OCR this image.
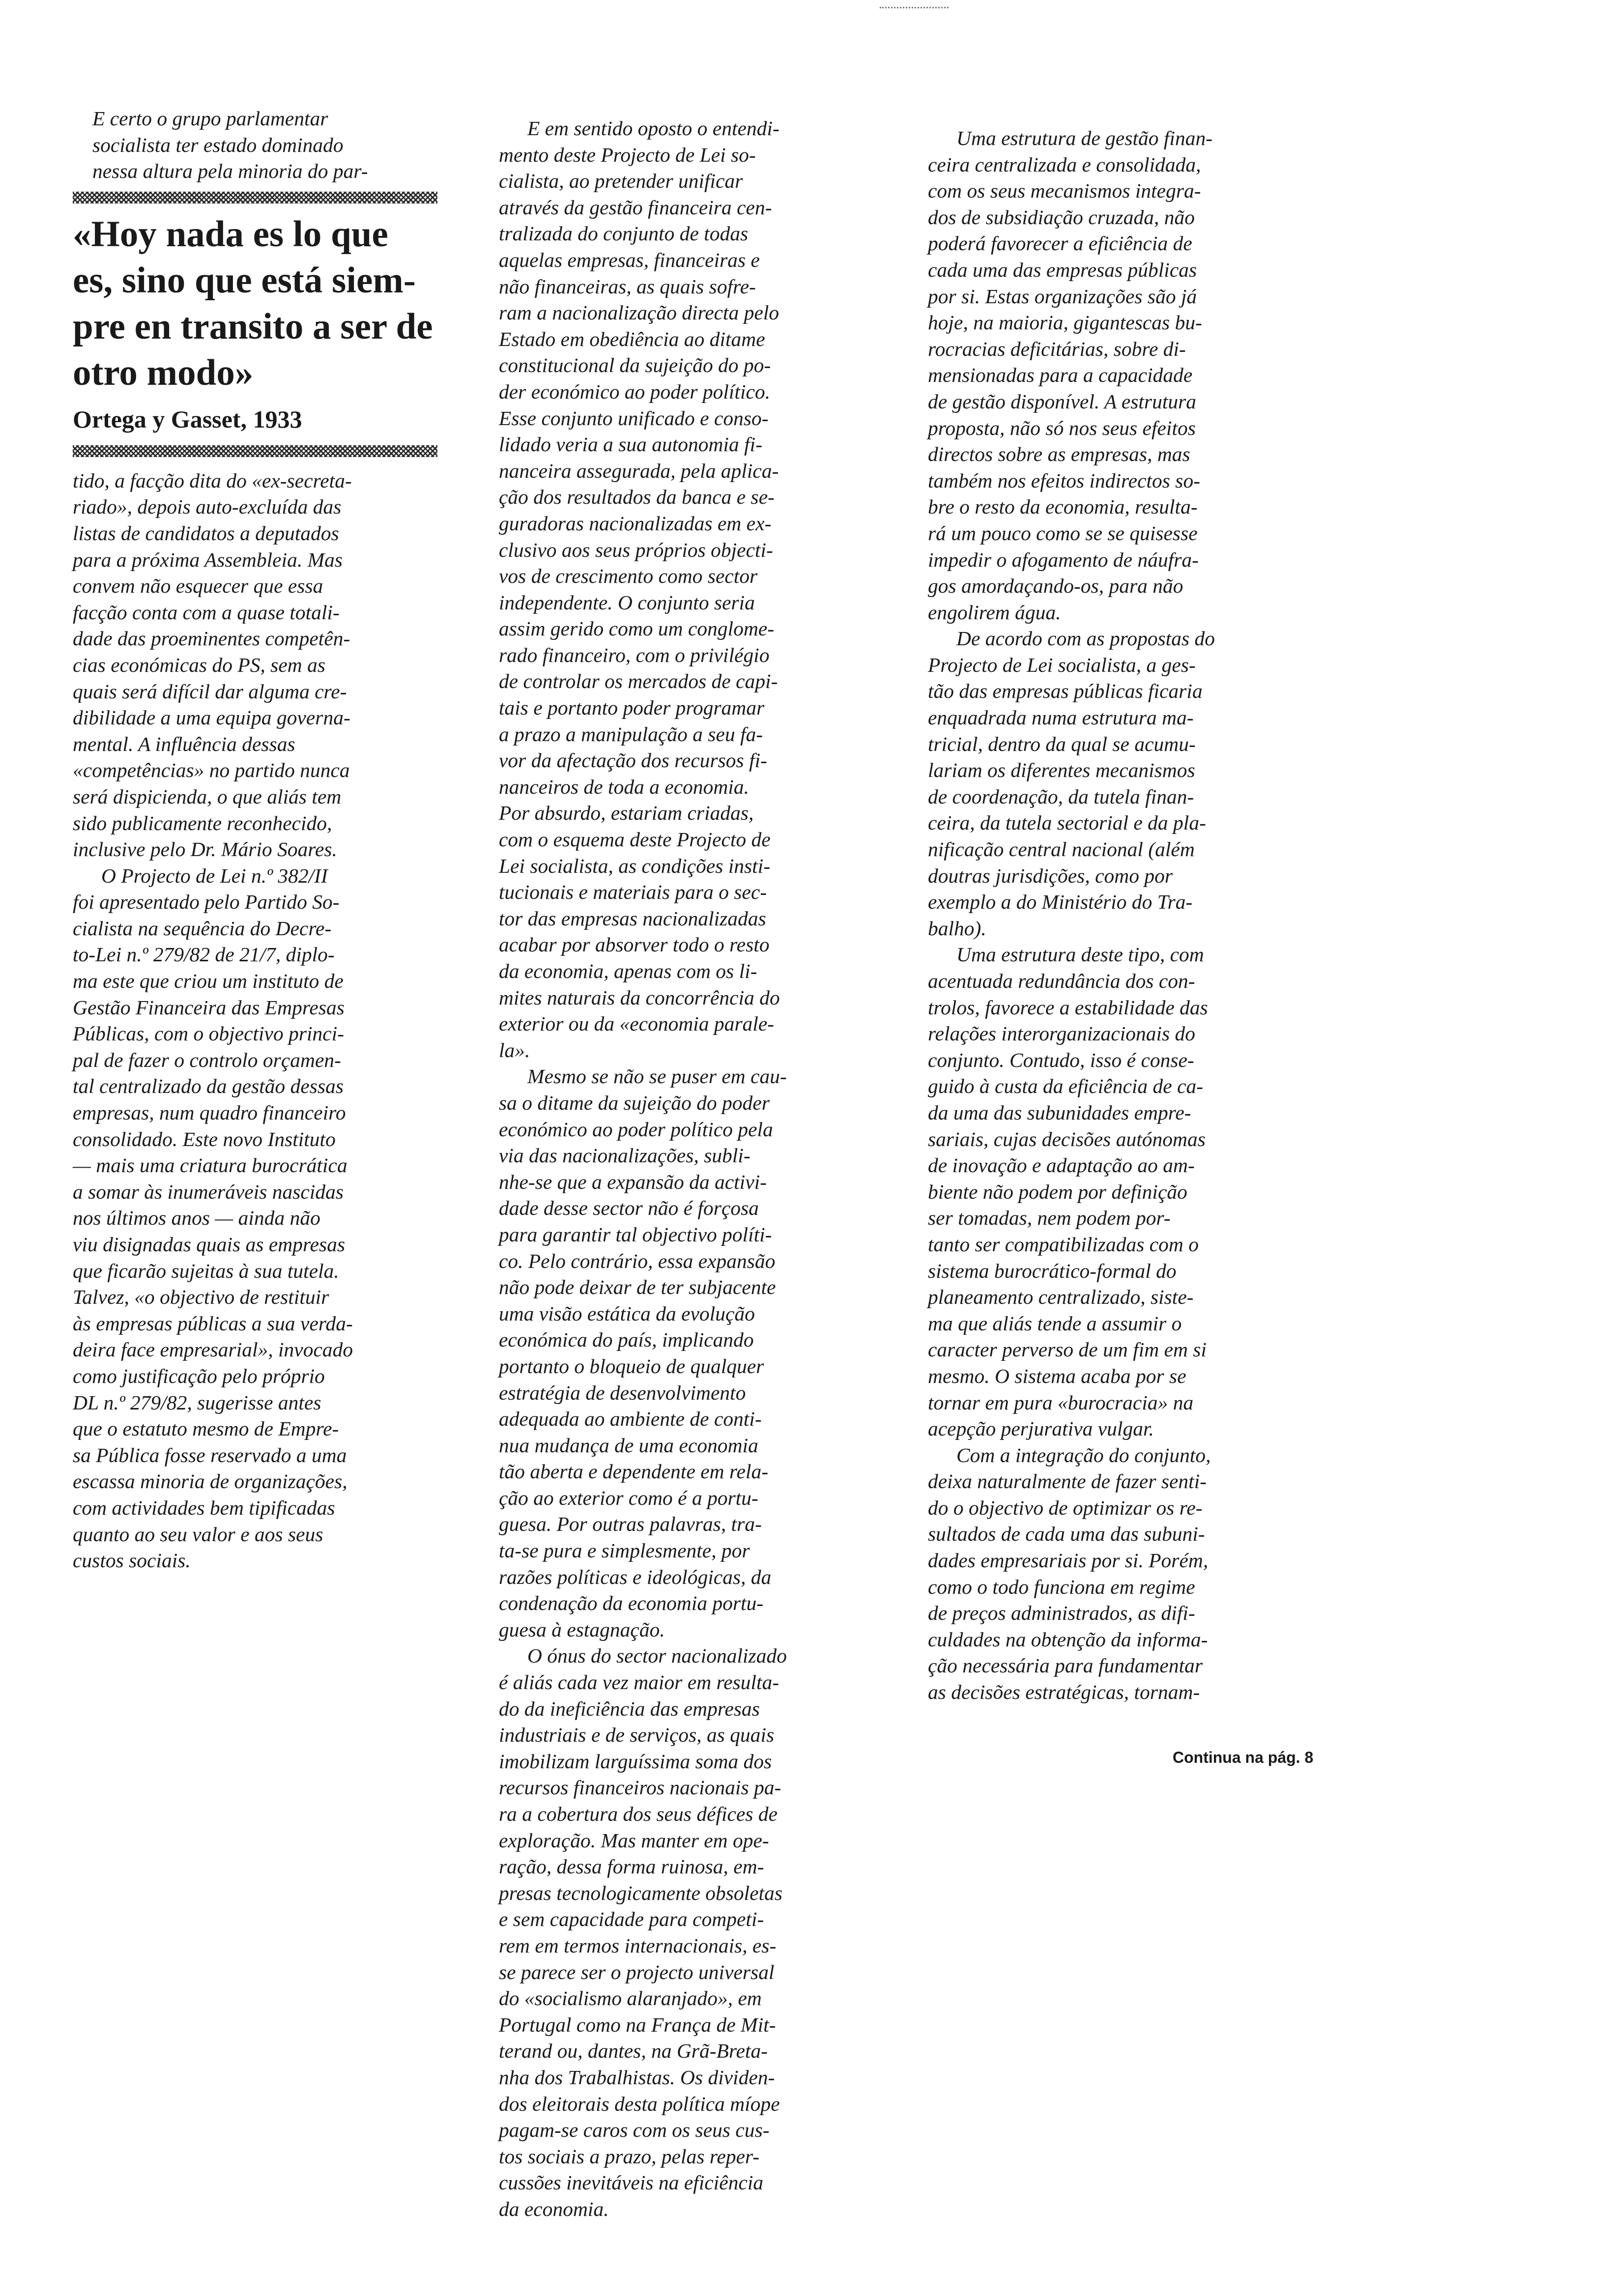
E certo o grupo parlamentar
socialista ter estado dominado
nessa altura pela minoria do par-

«Hoy nada es lo que
es, sino que está siem-
pre en transito a ser de
otro modo»

Ortega y Gasset, 1933

tido, a facção dita do «ex-secreta-
riado», depois auto-excluída das
listas de candidatos a deputados
para a próxima Assembleia. Mas
convem não esquecer que essa
facção conta com a quase totali-
dade das proeminentes competên-
cias económicas do PS, sem as
quais será difícil dar alguma cre-
dibilidade a uma equipa governa-
mental. A influência dessas
«competências» no partido nunca
será dispicienda, o que aliás tem
sido publicamente reconhecido,
inclusive pelo Dr. Mário Soares.

O Projecto de Lei n.º 382/II
foi apresentado pelo Partido So-
cialista na sequência do Decre-
to-Lei n.º 279/82 de 21/7, diplo-
ma este que criou um instituto de
Gestão Financeira das Empresas
Públicas, com o objectivo princi-
pal de fazer o controlo orçamen-
tal centralizado da gestão dessas
empresas, num quadro financeiro
consolidado. Este novo Instituto
— mais uma criatura burocrática
a somar às inumeráveis nascidas
nos últimos anos — ainda não
viu disignadas quais as empresas
que ficarão sujeitas à sua tutela.
Talvez, «o objectivo de restituir
às empresas públicas a sua verda-
deira face empresarial», invocado
como justificação pelo próprio
DL n.º 279/82, sugerisse antes
que o estatuto mesmo de Empre-
sa Pública fosse reservado a uma
escassa minoria de organizações,
com actividades bem tipificadas
quanto ao seu valor e aos seus
custos sociais.

E em sentido oposto o entendi-
mento deste Projecto de Lei so-
cialista, ao pretender unificar
através da gestão financeira cen-
tralizada do conjunto de todas
aquelas empresas, financeiras e
não financeiras, as quais sofre-
ram a nacionalização directa pelo
Estado em obediência ao ditame
constitucional da sujeição do po-
der económico ao poder político.
Esse conjunto unificado e conso-
lidado veria a sua autonomia fi-
nanceira assegurada, pela aplica-
ção dos resultados da banca e se-
guradoras nacionalizadas em ex-
clusivo aos seus próprios objecti-
vos de crescimento como sector
independente. O conjunto seria
assim gerido como um conglome-
rado financeiro, com o privilégio
de controlar os mercados de capi-
tais e portanto poder programar
a prazo a manipulação a seu fa-
vor da afectação dos recursos fi-
nanceiros de toda a economia.
Por absurdo, estariam criadas,
com o esquema deste Projecto de
Lei socialista, as condições insti-
tucionais e materiais para o sec-
tor das empresas nacionalizadas
acabar por absorver todo o resto
da economia, apenas com os li-
mites naturais da concorrência do
exterior ou da «economia parale-
la».

Mesmo se não se puser em cau-
sa o ditame da sujeição do poder
económico ao poder político pela
via das nacionalizações, subli-
nhe-se que a expansão da activi-
dade desse sector não é forçosa
para garantir tal objectivo políti-
co. Pelo contrário, essa expansão
não pode deixar de ter subjacente
uma visão estática da evolução
económica do país, implicando
portanto o bloqueio de qualquer
estratégia de desenvolvimento
adequada ao ambiente de conti-
nua mudança de uma economia
tão aberta e dependente em rela-
ção ao exterior como é a portu-
guesa. Por outras palavras, tra-
ta-se pura e simplesmente, por
razões políticas e ideológicas, da
condenação da economia portu-
guesa à estagnação.

O ónus do sector nacionalizado
é aliás cada vez maior em resulta-
do da ineficiência das empresas
industriais e de serviços, as quais
imobilizam larguíssima soma dos
recursos financeiros nacionais pa-
ra a cobertura dos seus défices de
exploração. Mas manter em ope-
ração, dessa forma ruinosa, em-
presas tecnologicamente obsoletas
e sem capacidade para competi-
rem em termos internacionais, es-
se parece ser o projecto universal
do «socialismo alaranjado», em
Portugal como na França de Mit-
terand ou, dantes, na Grã-Breta-
nha dos Trabalhistas. Os dividen-
dos eleitorais desta política míope
pagam-se caros com os seus cus-
tos sociais a prazo, pelas reper-
cussões inevitáveis na eficiência
da economia.

Uma estrutura de gestão finan-
ceira centralizada e consolidada,
com os seus mecanismos integra-
dos de subsidiação cruzada, não
poderá favorecer a eficiência de
cada uma das empresas públicas
por si. Estas organizações são já
hoje, na maioria, gigantescas bu-
rocracias deficitárias, sobre di-
mensionadas para a capacidade
de gestão disponível. A estrutura
proposta, não só nos seus efeitos
directos sobre as empresas, mas
também nos efeitos indirectos so-
bre o resto da economia, resulta-
rá um pouco como se se quisesse
impedir o afogamento de náufra-
gos amordaçando-os, para não
engolirem água.

De acordo com as propostas do
Projecto de Lei socialista, a ges-
tão das empresas públicas ficaria
enquadrada numa estrutura ma-
tricial, dentro da qual se acumu-
lariam os diferentes mecanismos
de coordenação, da tutela finan-
ceira, da tutela sectorial e da pla-
nificação central nacional (além
doutras jurisdições, como por
exemplo a do Ministério do Tra-
balho).

Uma estrutura deste tipo, com
acentuada redundância dos con-
trolos, favorece a estabilidade das
relações interorganizacionais do
conjunto. Contudo, isso é conse-
guido à custa da eficiência de ca-
da uma das subunidades empre-
sariais, cujas decisões autónomas
de inovação e adaptação ao am-
biente não podem por definição
ser tomadas, nem podem por-
tanto ser compatibilizadas com o
sistema burocrático-formal do
planeamento centralizado, siste-
ma que aliás tende a assumir o
caracter perverso de um fim em si
mesmo. O sistema acaba por se
tornar em pura «burocracia» na
acepção perjurativa vulgar.

Com a integração do conjunto,
deixa naturalmente de fazer senti-
do o objectivo de optimizar os re-
sultados de cada uma das subuni-
dades empresariais por si. Porém,
como o todo funciona em regime
de preços administrados, as difi-
culdades na obtenção da informa-
ção necessária para fundamentar
as decisões estratégicas, tornam-

Continua na pág. 8
